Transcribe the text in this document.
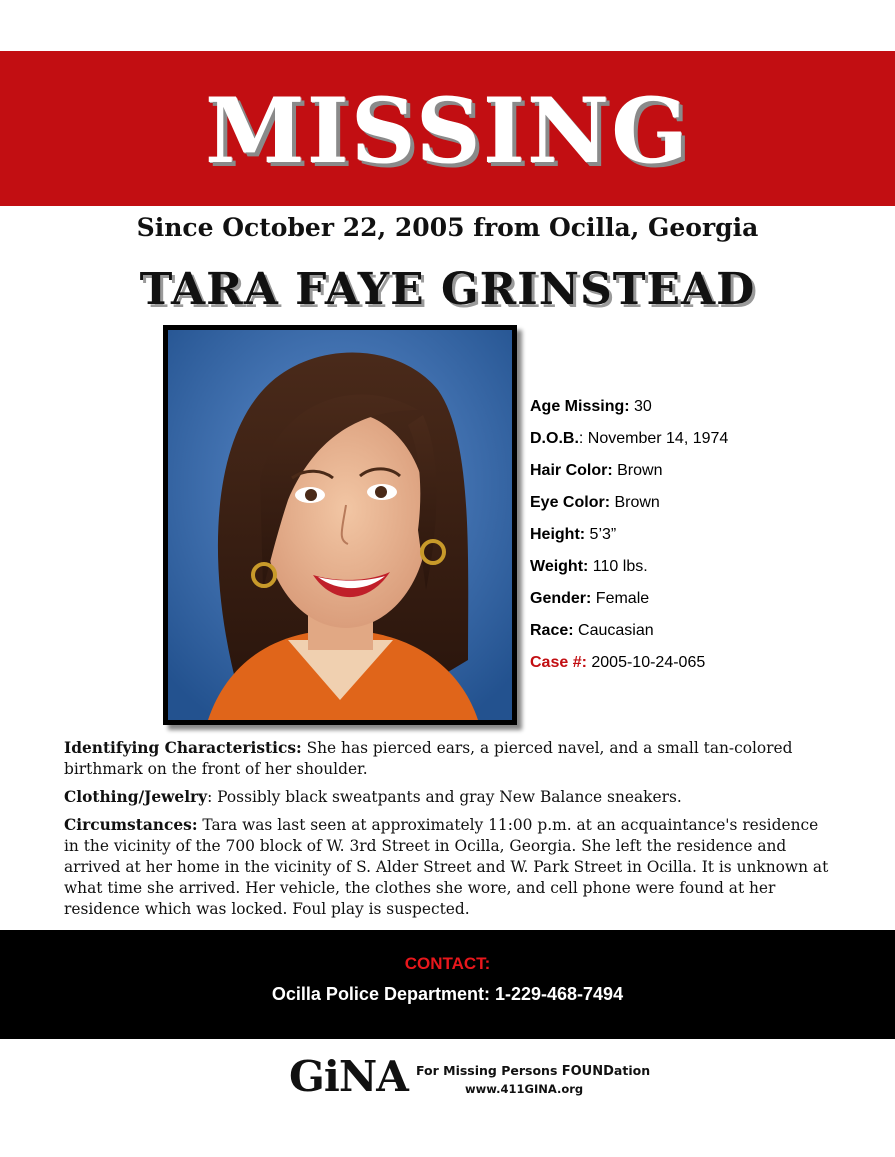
MISSING
Since October 22, 2005 from Ocilla, Georgia
TARA FAYE GRINSTEAD
Age Missing: 30
D.O.B.: November 14, 1974
Hair Color: Brown
Eye Color: Brown
Height: 5’3”
Weight: 110 lbs.
Gender: Female
Race: Caucasian
Case #: 2005-10-24-065

Identifying Characteristics: She has pierced ears, a pierced navel, and a small tan-colored birthmark on the front of her shoulder.

Clothing/Jewelry: Possibly black sweatpants and gray New Balance sneakers.

Circumstances: Tara was last seen at approximately 11:00 p.m. at an acquaintance's residence in the vicinity of the 700 block of W. 3rd Street in Ocilla, Georgia. She left the residence and arrived at her home in the vicinity of S. Alder Street and W. Park Street in Ocilla. It is unknown at what time she arrived. Her vehicle, the clothes she wore, and cell phone were found at her residence which was locked. Foul play is suspected.

CONTACT:
Ocilla Police Department: 1-229-468-7494
GiNA For Missing Persons FOUNDation
www.411GINA.org
